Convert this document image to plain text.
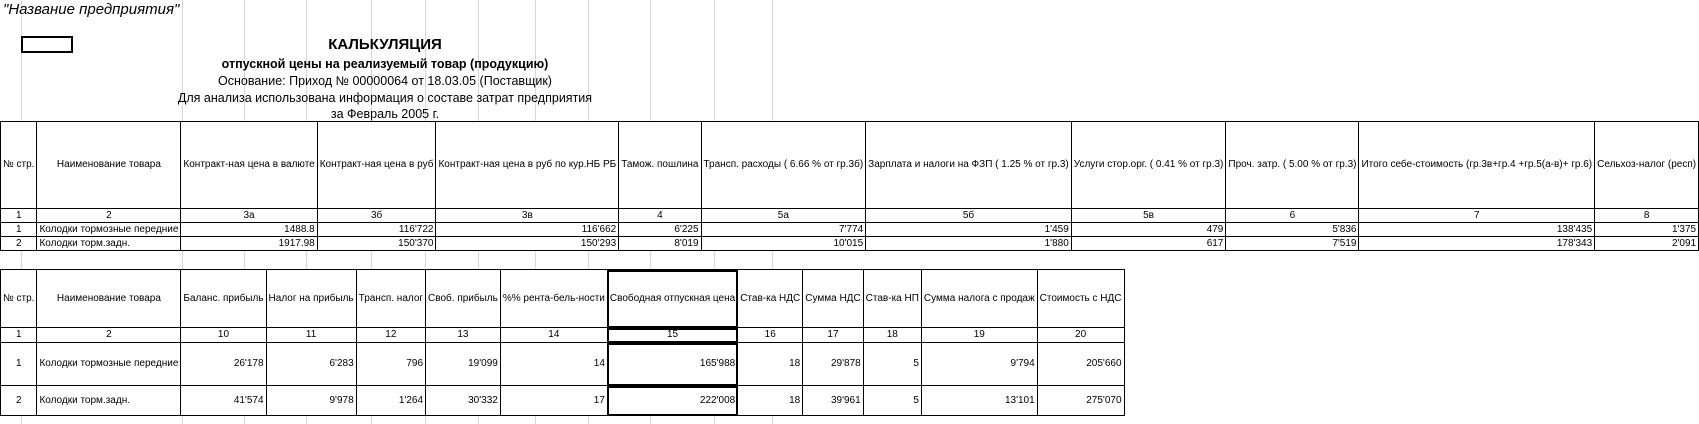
"Название предприятия"
КАЛЬКУЛЯЦИЯ
отпускной цены на реализуемый товар (продукцию)
Основание: Приход № 00000064 от 18.03.05 (Поставщик)
Для анализа использована информация о составе затрат предприятия
за Февраль 2005 г.
№ стр.	Наименование товара	Контракт-ная цена в валюте	Контракт-ная цена в руб	Контракт-ная цена в руб по кур.НБ РБ	Тамож. пошлина	Трансп. расходы ( 6.66 % от гр.3б)	Зарплата и налоги на ФЗП ( 1.25 % от гр.3)	Услуги стор.орг. ( 0.41 % от гр.3)	Проч. затр. ( 5.00 % от гр.3)	Итого себе-стоимость (гр.3в+гр.4 +гр.5(а-в)+ гр.6)	Сельхоз-налог (респ)
1	2	3а	3б	3в	4	5а	5б	5в	6	7	8
1	Колодки тормозные передние	1488.8	116'722	116'662	6'225	7'774	1'459	479	5'836	138'435	1'375
2	Колодки торм.задн.	1917.98	150'370	150'293	8'019	10'015	1'880	617	7'519	178'343	2'091
№ стр.	Наименование товара	Баланс. прибыль	Налог на прибыль	Трансп. налог	Своб. прибыль	%% рента-бель-ности	Свободная отпускная цена	Став-ка НДС	Сумма НДС	Став-ка НП	Сумма налога с продаж	Стоимость с НДС
1	2	10	11	12	13	14	15	16	17	18	19	20
1	Колодки тормозные передние	26'178	6'283	796	19'099	14	165'988	18	29'878	5	9'794	205'660
2	Колодки торм.задн.	41'574	9'978	1'264	30'332	17	222'008	18	39'961	5	13'101	275'070
